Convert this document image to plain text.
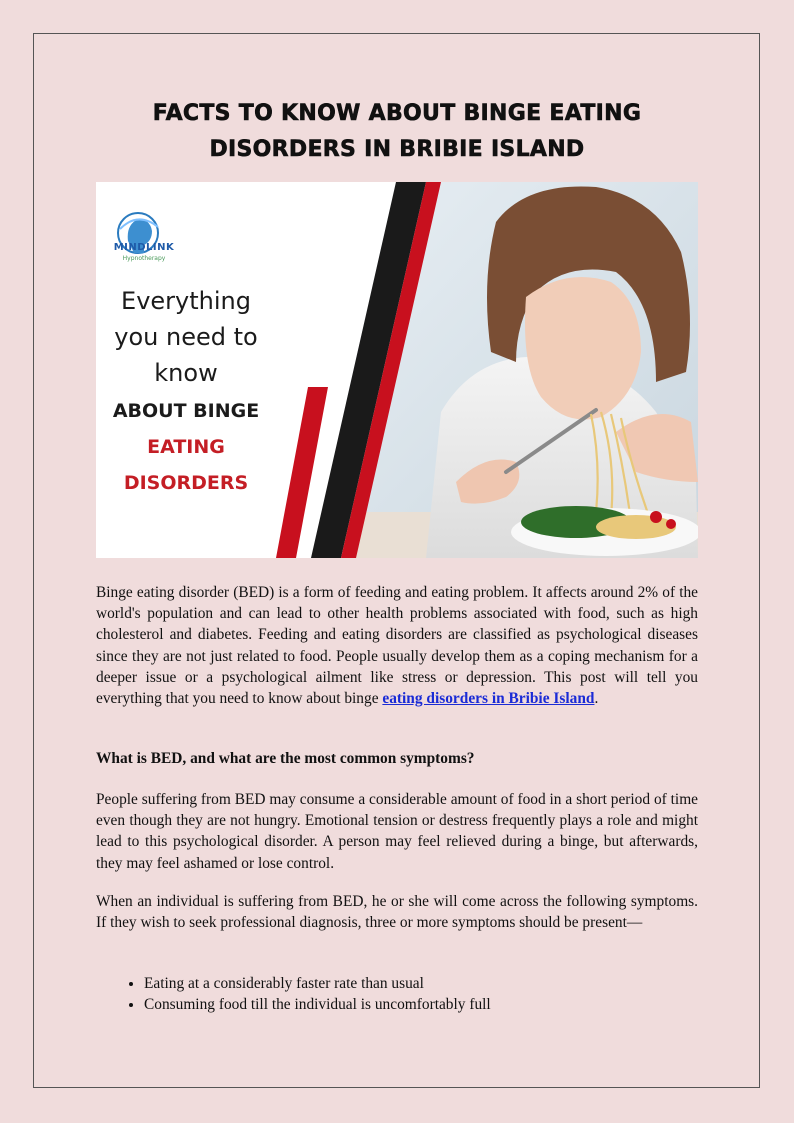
FACTS TO KNOW ABOUT BINGE EATING DISORDERS IN BRIBIE ISLAND
MINDLINK
Hypnotherapy
Everything
you need to
know
ABOUT BINGE
EATING
DISORDERS
Binge eating disorder (BED) is a form of feeding and eating problem. It affects around 2% of the world's population and can lead to other health problems associated with food, such as high cholesterol and diabetes. Feeding and eating disorders are classified as psychological diseases since they are not just related to food. People usually develop them as a coping mechanism for a deeper issue or a psychological ailment like stress or depression. This post will tell you everything that you need to know about binge eating disorders in Bribie Island.
What is BED, and what are the most common symptoms?
People suffering from BED may consume a considerable amount of food in a short period of time even though they are not hungry. Emotional tension or destress frequently plays a role and might lead to this psychological disorder. A person may feel relieved during a binge, but afterwards, they may feel ashamed or lose control.
When an individual is suffering from BED, he or she will come across the following symptoms. If they wish to seek professional diagnosis, three or more symptoms should be present—
• Eating at a considerably faster rate than usual
• Consuming food till the individual is uncomfortably full
